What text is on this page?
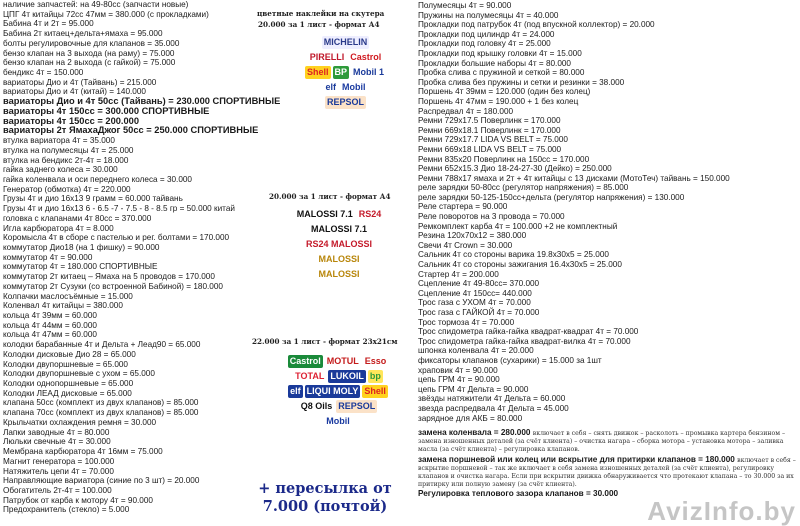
наличие запчастей: на 49-80сс (запчасти новые)
ЦПГ 4т китайцы 72сс 47мм = 380.000 (с прокладками)
Бабина 4т и 2т = 95.000
Бабина 2т китаец+дельта+ямаха = 95.000
болты регулировочные для клапанов = 35.000
бензо клапан на 3 выхода (на раму) = 75.000
бензо клапан на 2 выхода (с гайкой) = 75.000
бендикс 4т = 150.000
вариаторы Дио и 4т (Тайвань) = 215.000
вариаторы Дио и 4т (китай) = 140.000
вариаторы Дио и 4т 50сс (Тайвань) = 230.000 СПОРТИВНЫЕ
вариаторы 4т 150сс = 300.000 СПОРТИВНЫЕ
вариаторы 4т 150сс = 200.000
вариаторы 2т ЯмахаДжог 50сс = 250.000 СПОРТИВНЫЕ
втулка вариатора 4т = 35.000
втулка на полумесяцы 4т = 25.000
втулка на бендикс 2т-4т = 18.000
гайка заднего колеса = 30.000
гайка коленвала и оси переднего колеса = 30.000
Генератор (обмотка) 4т = 220.000
Грузы 4т и дио 16x13 9 грамм = 60.000 тайвань
Грузы 4т и дио 16x13 6 - 6.5 -7 - 7.5 - 8 - 8.5 гр = 50.000 китай
головка с клапанами 4т 80сс = 370.000
Игла карбюратора 4т = 8.000
Коромысла 4т в сборе с пастелью и рег. болтами = 170.000
коммутатор Дио18 (на 1 фишку) = 90.000
коммутатор 4т = 90.000
коммутатор 4т = 180.000 СПОРТИВНЫЕ
коммутатор 2т китаец – Ямаха на 5 проводов = 170.000
коммутатор 2т Сузуки (со встроенной Бабиной) = 180.000
Колпачки маслосъёмные = 15.000
Коленвал 4т китайцы = 380.000
кольца 4т 39мм = 60.000
кольца 4т 44мм = 60.000
кольца 4т 47мм = 60.000
колодки барабанные 4т и Дельта + Леад90 = 65.000
Колодки дисковые Дио 28 = 65.000
Колодки двупоршневые = 65.000
Колодки двупоршневые с ухом = 65.000
Колодки однопоршневые = 65.000
Колодки ЛЕАД дисковые = 65.000
клапана 50сс (комплект из двух клапанов) = 85.000
клапана 70сс (комплект из двух клапанов) = 85.000
Крыльчатки охлаждения ремня = 30.000
Лапки заводные 4т = 80.000
Люльки свечные 4т = 30.000
Мембрана карбюратора 4т 16мм = 75.000
Магнит генератора = 100.000
Натяжитель цепи 4т = 70.000
Направляющие вариатора (синие по 3 шт) = 20.000
Обогатитель 2т-4т = 100.000
Патрубок от карба к мотору 4т = 90.000
Предохранитель (стекло) = 5.000
цветные наклейки на скутера
20.000 за 1 лист - формат А4
MICHELIN
PIRELLI Castrol
Shell BP Mobil 1
elf Mobil
REPSOL
20.000 за 1 лист - формат А4
MALOSSI 7.1 RS24
MALOSSI 7.1
RS24 MALOSSI
MALOSSI
MALOSSI
22.000 за 1 лист - формат 23x21см
Castrol MOTUL Esso
TOTAL LUKOIL bp
elf LIQUI MOLY Shell
Q8 Oils REPSOL
Mobil
+ пересылка от 7.000 (почтой)
Полумесяцы 4т = 90.000
Пружины на полумесяцы 4т = 40.000
Прокладки под патрубок 4т (под впускной коллектор) = 20.000
Прокладки под цилиндр 4т = 24.000
Прокладки под головку 4т = 25.000
Прокладки под крышку головки 4т = 15.000
Прокладки большие наборы 4т = 80.000
Пробка слива с пружиной и сеткой = 80.000
Пробка слива без пружины и сетки и резинки = 38.000
Поршень 4т 39мм = 120.000 (один без колец)
Поршень 4т 47мм = 190.000 + 1 без колец
Распредвал 4т = 180.000
Ремни 729x17.5 Поверлинк = 170.000
Ремни 669x18.1 Поверлинк = 170.000
Ремни 729x17.7 LIDA VS BELT = 75.000
Ремни 669x18 LIDA VS BELT = 75.000
Ремни 835x20 Поверлинк на 150сс = 170.000
Ремни 652x15.3 Дио 18-24-27-30 (Дейко) = 250.000
Ремни 788x17 ямаха и 2т + 4т китайцы с 13 дисками (МотоТеч) тайвань = 150.000
реле зарядки 50-80сс (регулятор напряжения) = 85.000
реле зарядки 50-125-150сс+дельта (регулятор напряжения) = 130.000
Реле стартера = 90.000
Реле поворотов на 3 провода = 70.000
Ремкомплект карба 4т = 100.000 +2 не комплектный
Резина 120x70x12 = 380.000
Свечи 4т Crown = 30.000
Сальник 4т со стороны варика 19.8x30x5 = 25.000
Сальник 4т со стороны зажигания 16.4x30x5 = 25.000
Стартер 4т = 200.000
Сцепление 4т 49-80сс= 370.000
Сцепление 4т 150сс= 440.000
Трос газа с УХОМ 4т = 70.000
Трос газа с ГАЙКОЙ 4т = 70.000
Трос тормоза 4т = 70.000
Трос спидометра гайка-гайка квадрат-квадрат 4т = 70.000
Трос спидометра гайка-гайка квадрат-вилка 4т = 70.000
шпонка коленвала 4т = 20.000
фиксаторы клапанов (сухарики) = 15.000 за 1шт
храповик 4т = 90.000
цепь ГРМ 4т = 90.000
цепь ГРМ 4т Дельта = 90.000
звёзды натяжители 4т Дельта = 60.000
звезда распредвала 4т Дельта = 45.000
зарядное для АКБ = 80.000
замена коленвала = 280.000 включает в себя – снять движок – расколоть – промывка картера бензином – замена изношенных деталей (за счёт клиента) – очистка нагара – сборка мотора – установка мотора – заливка масла (за счёт клиента) – регулировка клапанов.
замена поршневой или колец или вскрытие для притирки клапанов = 180.000 включает в себя – вскрытие поршневой – так же включает в себя замена изношенных деталей (за счёт клиента), регулировку клапанов и очистка нагара. Если при вскрытии движка обнаруживается что протекают клапана – то 30.000 за их притирку или полную замену (за счёт клиента).
Регулировка теплового зазора клапанов = 30.000
AvizInfo.by
